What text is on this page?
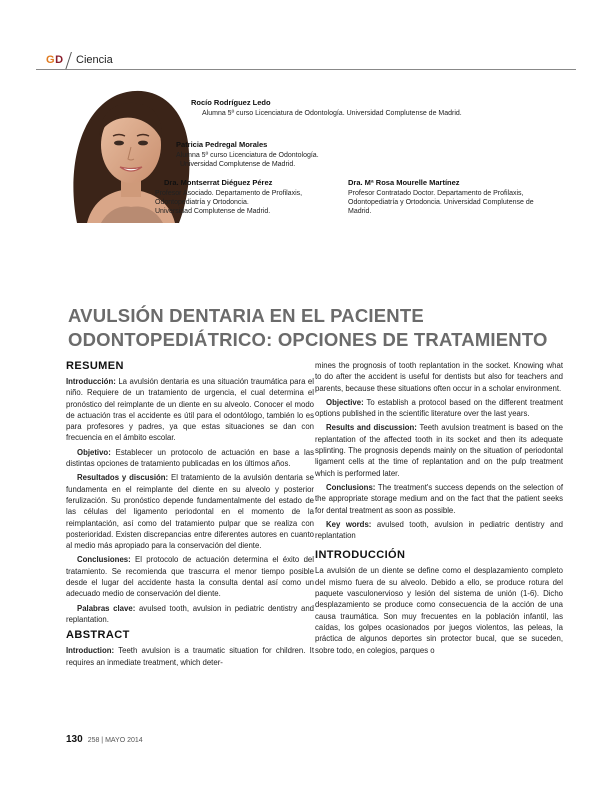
GD Ciencia
Rocío Rodríguez Ledo
Alumna 5º curso Licenciatura de Odontología. Universidad Complutense de Madrid.
Patricia Pedregal Morales
Alumna 5º curso Licenciatura de Odontología.
Universidad Complutense de Madrid.
Dra. Montserrat Diéguez Pérez
Profesor Asociado. Departamento de Profilaxis,
Odontopediatría y Ortodoncia.
Universidad Complutense de Madrid.
Dra. Mª Rosa Mourelle Martínez
Profesor Contratado Doctor. Departamento de Profilaxis,
Odontopediatría y Ortodoncia. Universidad Complutense de
Madrid.
AVULSIÓN DENTARIA EN EL PACIENTE
ODONTOPEDIÁTRICO: OPCIONES DE TRATAMIENTO
RESUMEN

Introducción: La avulsión dentaria es una situación traumática para el niño. Requiere de un tratamiento de urgencia, el cual determina el pronóstico del reimplante de un diente en su alveolo. Conocer el modo de actuación tras el accidente es útil para el odontólogo, también lo es para profesores y padres, ya que estas situaciones se dan con frecuencia en el ámbito escolar.

Objetivo: Establecer un protocolo de actuación en base a las distintas opciones de tratamiento publicadas en los últimos años.

Resultados y discusión: El tratamiento de la avulsión dentaria se fundamenta en el reimplante del diente en su alveolo y posterior ferulización. Su pronóstico depende fundamentalmente del estado de las células del ligamento periodontal en el momento de la reimplantación, así como del tratamiento pulpar que se realiza con posterioridad. Existen discrepancias entre diferentes autores en cuanto al medio más apropiado para la conservación del diente.

Conclusiones: El protocolo de actuación determina el éxito del tratamiento. Se recomienda que trascurra el menor tiempo posible desde el lugar del accidente hasta la consulta dental así como un adecuado medio de conservación del diente.

Palabras clave: avulsed tooth, avulsion in pediatric dentistry and replantation.

ABSTRACT

Introduction: Teeth avulsion is a traumatic situation for children. It requires an inmediate treatment, which deter-

mines the prognosis of tooth replantation in the socket. Knowing what to do after the accident is useful for dentists but also for teachers and parents, because these situations often occur in a scholar environment.

Objective: To establish a protocol based on the different treatment options published in the scientific literature over the last years.

Results and discussion: Teeth avulsion treatment is based on the replantation of the affected tooth in its socket and then its adequate splinting. The prognosis depends mainly on the situation of periodontal ligament cells at the time of replantation and on the pulp treatment which is performed later.

Conclusions: The treatment's success depends on the selection of the appropriate storage medium and on the fact that the patient seeks for dental treatment as soon as possible.

Key words: avulsed tooth, avulsion in pediatric dentistry and replantation

INTRODUCCIÓN

La avulsión de un diente se define como el desplazamiento completo del mismo fuera de su alveolo. Debido a ello, se produce rotura del paquete vasculonervioso y lesión del sistema de unión (1-6). Dicho desplazamiento se produce como consecuencia de la acción de una causa traumática. Son muy frecuentes en la población infantil, las caídas, los golpes ocasionados por juegos violentos, las peleas, la práctica de algunos deportes sin protector bucal, que se suceden, sobre todo, en colegios, parques o

130 258 | MAYO 2014
